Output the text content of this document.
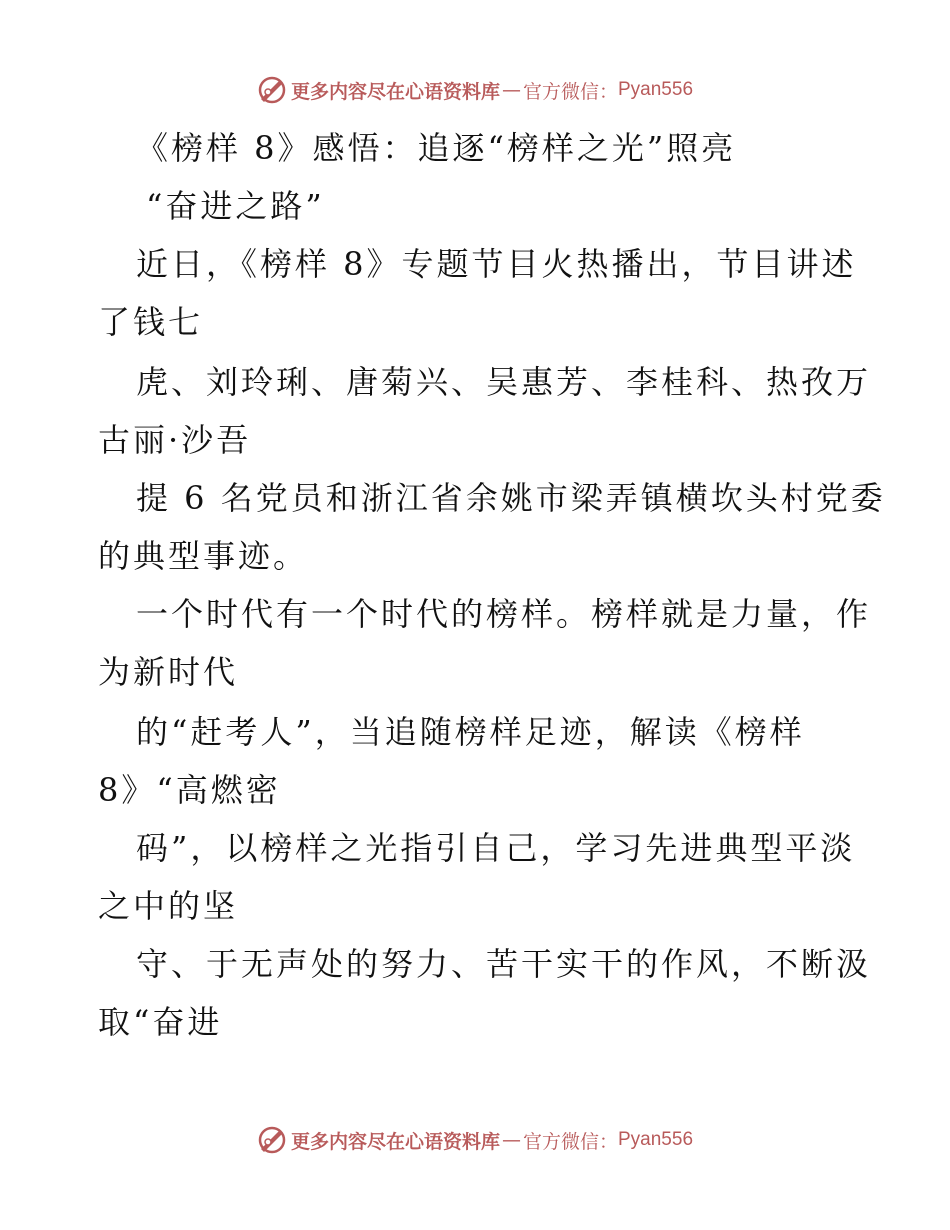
更多内容尽在心语资料库 — 官方微信： Pyan556
《榜样 8》感悟：追逐“榜样之光”照亮
“奋进之路”
近日，《榜样 8》专题节目火热播出，节目讲述
了钱七
虎、刘玲琍、唐菊兴、吴惠芳、李桂科、热孜万
古丽·沙吾
提 6 名党员和浙江省余姚市梁弄镇横坎头村党委
的典型事迹。
一个时代有一个时代的榜样。榜样就是力量，作
为新时代
的“赶考人”，当追随榜样足迹，解读《榜样
8》“高燃密
码”，以榜样之光指引自己，学习先进典型平淡
之中的坚
守、于无声处的努力、苦干实干的作风，不断汲
取“奋进
更多内容尽在心语资料库 — 官方微信： Pyan556
